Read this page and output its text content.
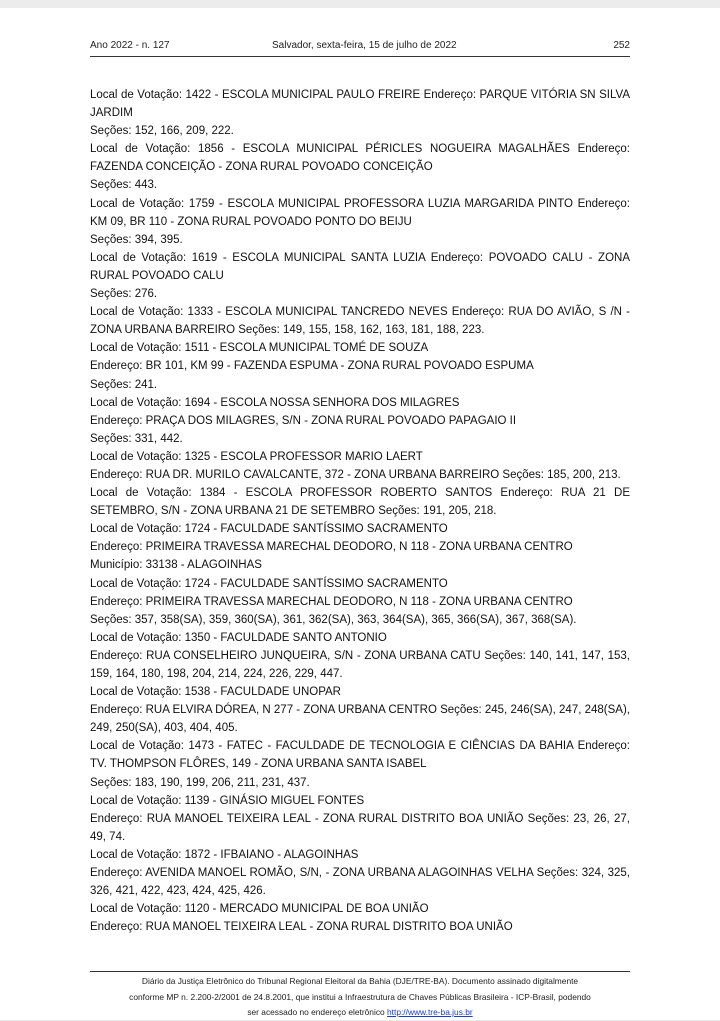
Ano 2022 - n. 127	Salvador, sexta-feira, 15 de julho de 2022	252

Local de Votação: 1422 - ESCOLA MUNICIPAL PAULO FREIRE Endereço: PARQUE VITÓRIA SN SILVA JARDIM

Seções: 152, 166, 209, 222.

Local de Votação: 1856 - ESCOLA MUNICIPAL PÉRICLES NOGUEIRA MAGALHÃES Endereço: FAZENDA CONCEIÇÃO - ZONA RURAL POVOADO CONCEIÇÃO

Seções: 443.

Local de Votação: 1759 - ESCOLA MUNICIPAL PROFESSORA LUZIA MARGARIDA PINTO Endereço: KM 09, BR 110 - ZONA RURAL POVOADO PONTO DO BEIJU

Seções: 394, 395.

Local de Votação: 1619 - ESCOLA MUNICIPAL SANTA LUZIA Endereço: POVOADO CALU - ZONA RURAL POVOADO CALU

Seções: 276.

Local de Votação: 1333 - ESCOLA MUNICIPAL TANCREDO NEVES Endereço: RUA DO AVIÃO, S /N - ZONA URBANA BARREIRO Seções: 149, 155, 158, 162, 163, 181, 188, 223.

Local de Votação: 1511 - ESCOLA MUNICIPAL TOMÉ DE SOUZA

Endereço: BR 101, KM 99 - FAZENDA ESPUMA - ZONA RURAL POVOADO ESPUMA

Seções: 241.

Local de Votação: 1694 - ESCOLA NOSSA SENHORA DOS MILAGRES

Endereço: PRAÇA DOS MILAGRES, S/N - ZONA RURAL POVOADO PAPAGAIO II

Seções: 331, 442.

Local de Votação: 1325 - ESCOLA PROFESSOR MARIO LAERT

Endereço: RUA DR. MURILO CAVALCANTE, 372 - ZONA URBANA BARREIRO Seções: 185, 200, 213.

Local de Votação: 1384 - ESCOLA PROFESSOR ROBERTO SANTOS Endereço: RUA 21 DE SETEMBRO, S/N - ZONA URBANA 21 DE SETEMBRO Seções: 191, 205, 218.

Local de Votação: 1724 - FACULDADE SANTÍSSIMO SACRAMENTO

Endereço: PRIMEIRA TRAVESSA MARECHAL DEODORO, N 118 - ZONA URBANA CENTRO

Município: 33138 - ALAGOINHAS

Local de Votação: 1724 - FACULDADE SANTÍSSIMO SACRAMENTO

Endereço: PRIMEIRA TRAVESSA MARECHAL DEODORO, N 118 - ZONA URBANA CENTRO

Seções: 357, 358(SA), 359, 360(SA), 361, 362(SA), 363, 364(SA), 365, 366(SA), 367, 368(SA).

Local de Votação: 1350 - FACULDADE SANTO ANTONIO

Endereço: RUA CONSELHEIRO JUNQUEIRA, S/N - ZONA URBANA CATU Seções: 140, 141, 147, 153, 159, 164, 180, 198, 204, 214, 224, 226, 229, 447.

Local de Votação: 1538 - FACULDADE UNOPAR

Endereço: RUA ELVIRA DÓREA, N 277 - ZONA URBANA CENTRO Seções: 245, 246(SA), 247, 248(SA), 249, 250(SA), 403, 404, 405.

Local de Votação: 1473 - FATEC - FACULDADE DE TECNOLOGIA E CIÊNCIAS DA BAHIA Endereço: TV. THOMPSON FLÔRES, 149 - ZONA URBANA SANTA ISABEL

Seções: 183, 190, 199, 206, 211, 231, 437.

Local de Votação: 1139 - GINÁSIO MIGUEL FONTES

Endereço: RUA MANOEL TEIXEIRA LEAL - ZONA RURAL DISTRITO BOA UNIÃO Seções: 23, 26, 27, 49, 74.

Local de Votação: 1872 - IFBAIANO - ALAGOINHAS

Endereço: AVENIDA MANOEL ROMÃO, S/N, - ZONA URBANA ALAGOINHAS VELHA Seções: 324, 325, 326, 421, 422, 423, 424, 425, 426.

Local de Votação: 1120 - MERCADO MUNICIPAL DE BOA UNIÃO

Endereço: RUA MANOEL TEIXEIRA LEAL - ZONA RURAL DISTRITO BOA UNIÃO

Diário da Justiça Eletrônico do Tribunal Regional Eleitoral da Bahia (DJE/TRE-BA). Documento assinado digitalmente
conforme MP n. 2.200-2/2001 de 24.8.2001, que institui a Infraestrutura de Chaves Públicas Brasileira - ICP-Brasil, podendo
ser acessado no endereço eletrônico http://www.tre-ba.jus.br
